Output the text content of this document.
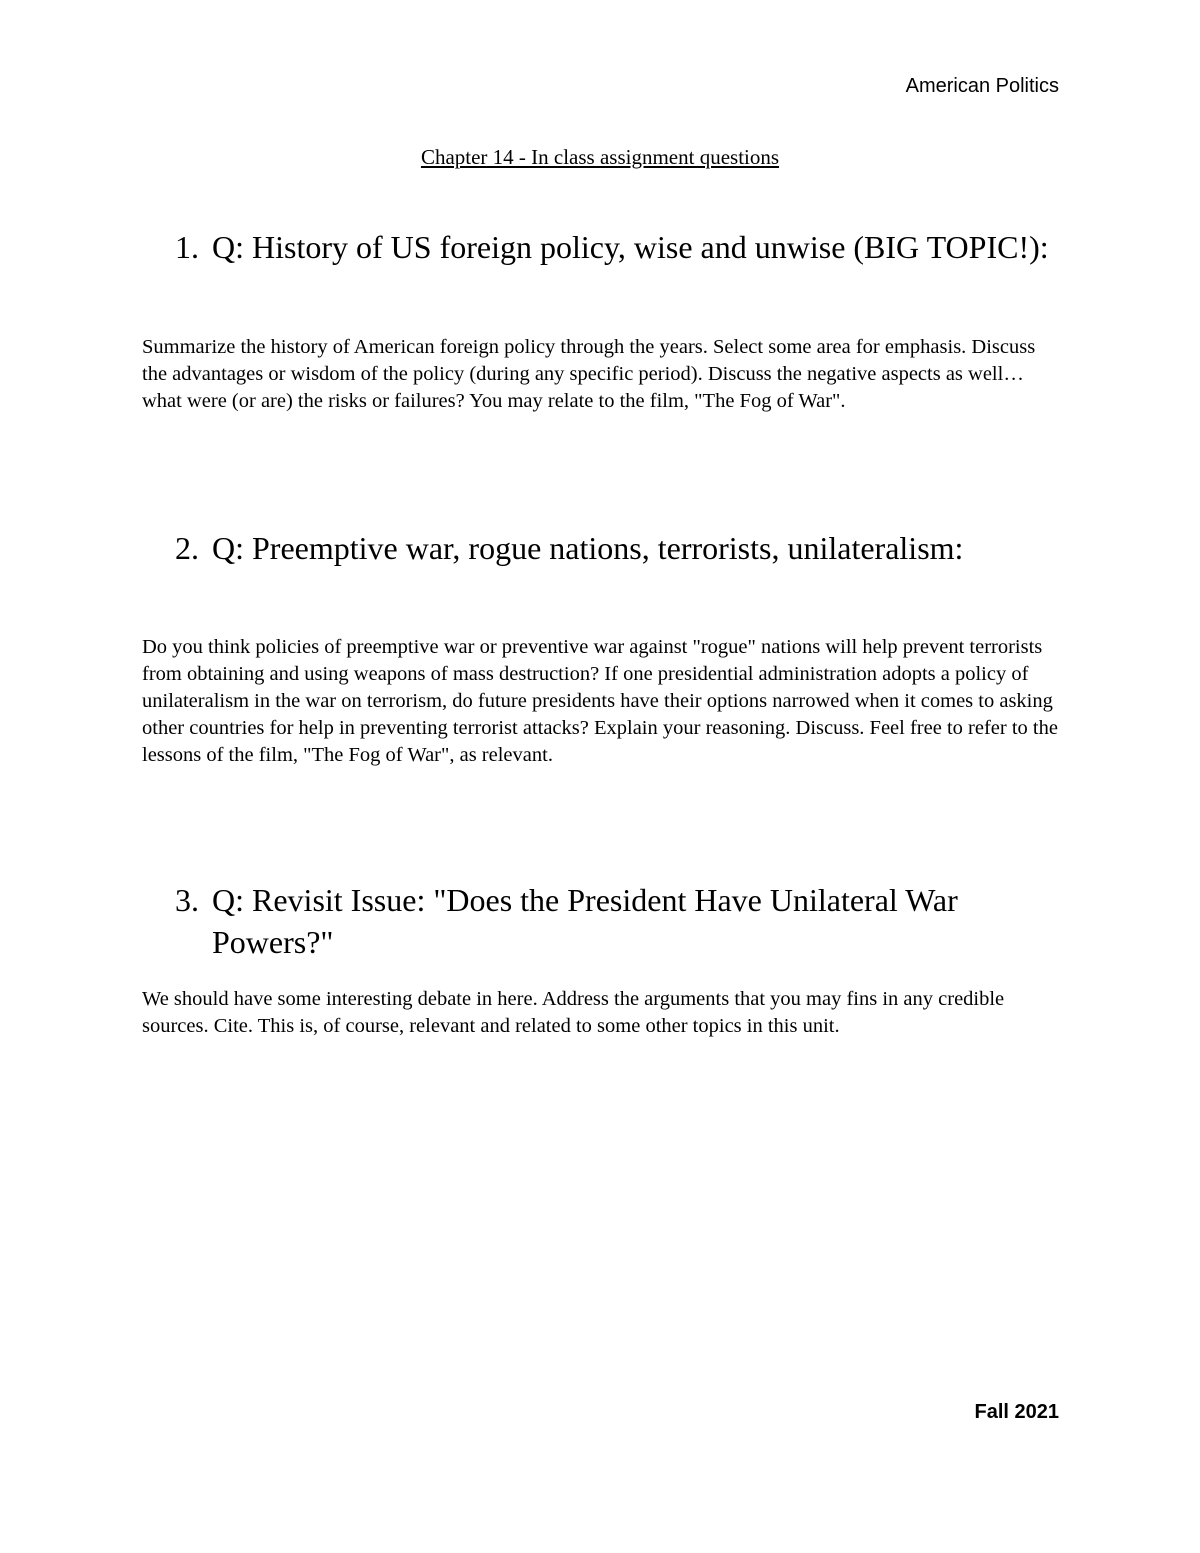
American Politics
Chapter 14 - In class assignment questions
1. Q: History of US foreign policy, wise and unwise (BIG TOPIC!):

Summarize the history of American foreign policy through the years. Select some area for emphasis. Discuss the advantages or wisdom of the policy (during any specific period). Discuss the negative aspects as well… what were (or are) the risks or failures? You may relate to the film, "The Fog of War".

2. Q: Preemptive war, rogue nations, terrorists, unilateralism:

Do you think policies of preemptive war or preventive war against "rogue" nations will help prevent terrorists from obtaining and using weapons of mass destruction? If one presidential administration adopts a policy of unilateralism in the war on terrorism, do future presidents have their options narrowed when it comes to asking other countries for help in preventing terrorist attacks? Explain your reasoning. Discuss. Feel free to refer to the lessons of the film, "The Fog of War", as relevant.

3. Q: Revisit Issue: "Does the President Have Unilateral War Powers?"

We should have some interesting debate in here. Address the arguments that you may fins in any credible sources. Cite. This is, of course, relevant and related to some other topics in this unit.

Fall 2021
